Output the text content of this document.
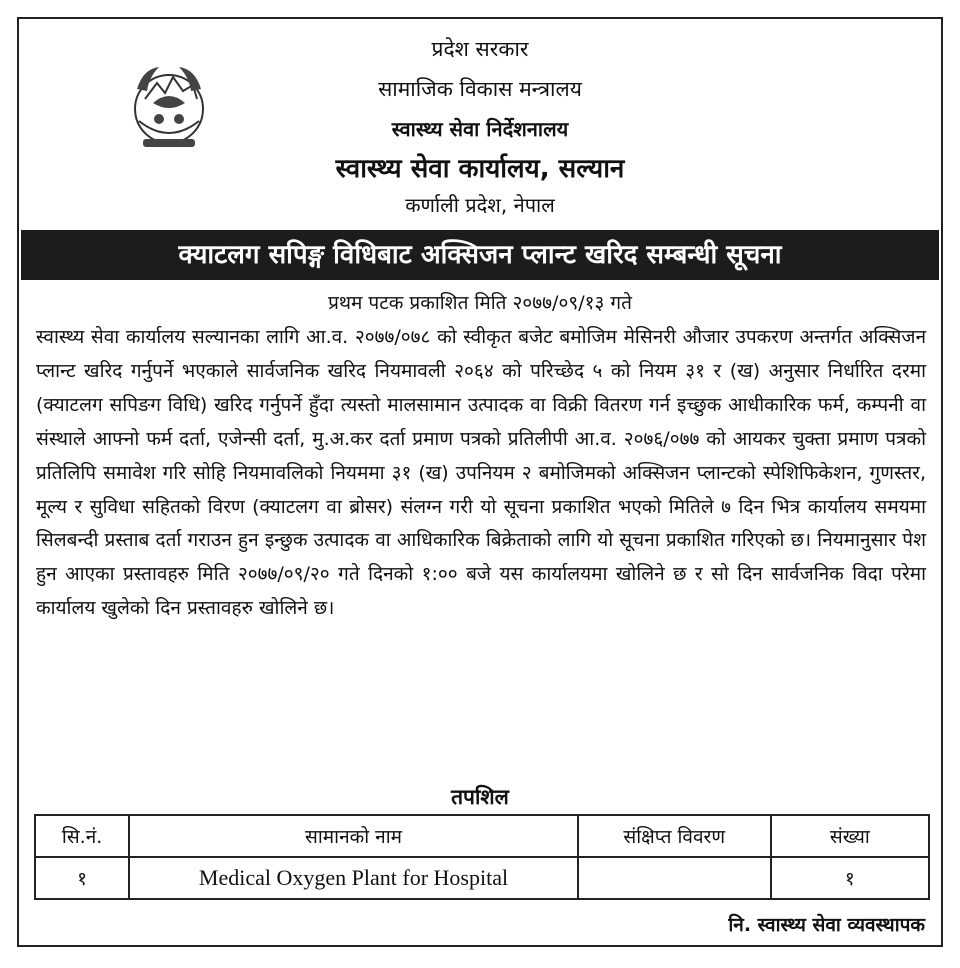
प्रदेश सरकार
सामाजिक विकास मन्त्रालय
स्वास्थ्य सेवा निर्देशनालय
स्वास्थ्य सेवा कार्यालय, सल्यान
कर्णाली प्रदेश, नेपाल
क्याटलग सपिङ्ग विधिबाट अक्सिजन प्लान्ट खरिद सम्बन्धी सूचना
प्रथम पटक प्रकाशित मिति २०७७/०९/१३ गते
स्वास्थ्य सेवा कार्यालय सल्यानका लागि आ.व. २०७७/०७८ को स्वीकृत बजेट बमोजिम मेसिनरी औजार उपकरण अन्तर्गत अक्सिजन प्लान्ट खरिद गर्नुपर्ने भएकाले सार्वजनिक खरिद नियमावली २०६४ को परिच्छेद ५ को नियम ३१ र (ख) अनुसार निर्धारित दरमा (क्याटलग सपिङग विधि) खरिद गर्नुपर्ने हुँदा त्यस्तो मालसामान उत्पादक वा विक्री वितरण गर्न इच्छुक आधीकारिक फर्म, कम्पनी वा संस्थाले आफ्नो फर्म दर्ता, एजेन्सी दर्ता, मु.अ.कर दर्ता प्रमाण पत्रको प्रतिलीपी आ.व. २०७६/०७७ को आयकर चुक्ता प्रमाण पत्रको प्रतिलिपि समावेश गरि सोहि नियमावलिको नियममा ३१ (ख) उपनियम २ बमोजिमको अक्सिजन प्लान्टको स्पेशिफिकेशन, गुणस्तर, मूल्य र सुविधा सहितको विरण (क्याटलग वा ब्रोसर) संलग्न गरी यो सूचना प्रकाशित भएको मितिले ७ दिन भित्र कार्यालय समयमा सिलबन्दी प्रस्ताब दर्ता गराउन हुन इन्छुक उत्पादक वा आधिकारिक बिक्रेताको लागि यो सूचना प्रकाशित गरिएको छ। नियमानुसार पेश हुन आएका प्रस्तावहरु मिति २०७७/०९/२० गते दिनको १:०० बजे यस कार्यालयमा खोलिने छ र सो दिन सार्वजनिक विदा परेमा कार्यालय खुलेको दिन प्रस्तावहरु खोलिने छ।
तपशिल
सि.नं.	सामानको नाम	संक्षिप्त विवरण	संख्या
१	Medical Oxygen Plant for Hospital		१
नि. स्वास्थ्य सेवा व्यवस्थापक
